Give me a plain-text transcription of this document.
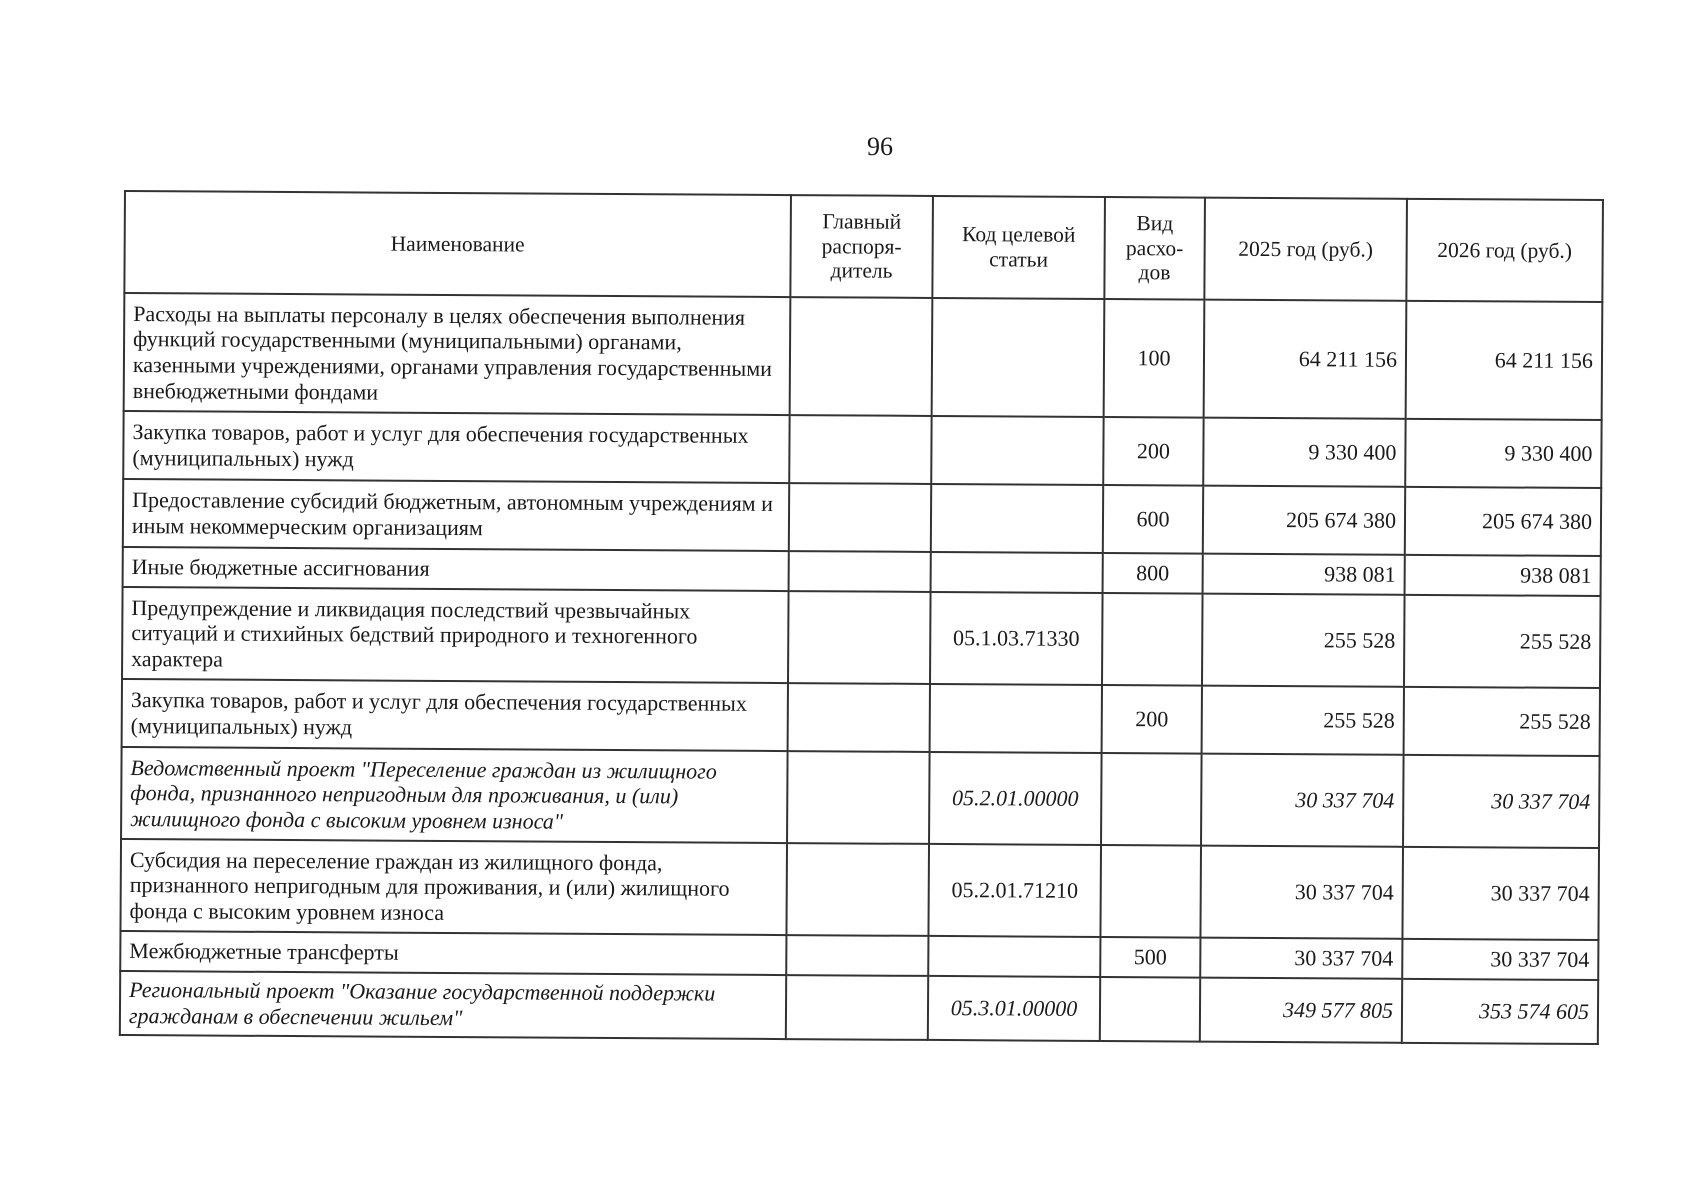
96
Наименование	Главный распоря-дитель	Код целевой статьи	Вид расхо-дов	2025 год (руб.)	2026 год (руб.)
Расходы на выплаты персоналу в целях обеспечения выполнения функций государственными (муниципальными) органами, казенными учреждениями, органами управления государственными внебюджетными фондами			100	64 211 156	64 211 156
Закупка товаров, работ и услуг для обеспечения государственных (муниципальных) нужд			200	9 330 400	9 330 400
Предоставление субсидий бюджетным, автономным учреждениям и иным некоммерческим организациям			600	205 674 380	205 674 380
Иные бюджетные ассигнования			800	938 081	938 081
Предупреждение и ликвидация последствий чрезвычайных ситуаций и стихийных бедствий природного и техногенного характера		05.1.03.71330		255 528	255 528
Закупка товаров, работ и услуг для обеспечения государственных (муниципальных) нужд			200	255 528	255 528
Ведомственный проект "Переселение граждан из жилищного фонда, признанного непригодным для проживания, и (или) жилищного фонда с высоким уровнем износа"		05.2.01.00000		30 337 704	30 337 704
Субсидия на переселение граждан из жилищного фонда, признанного непригодным для проживания, и (или) жилищного фонда с высоким уровнем износа		05.2.01.71210		30 337 704	30 337 704
Межбюджетные трансферты			500	30 337 704	30 337 704
Региональный проект "Оказание государственной поддержки гражданам в обеспечении жильем"		05.3.01.00000		349 577 805	353 574 605
